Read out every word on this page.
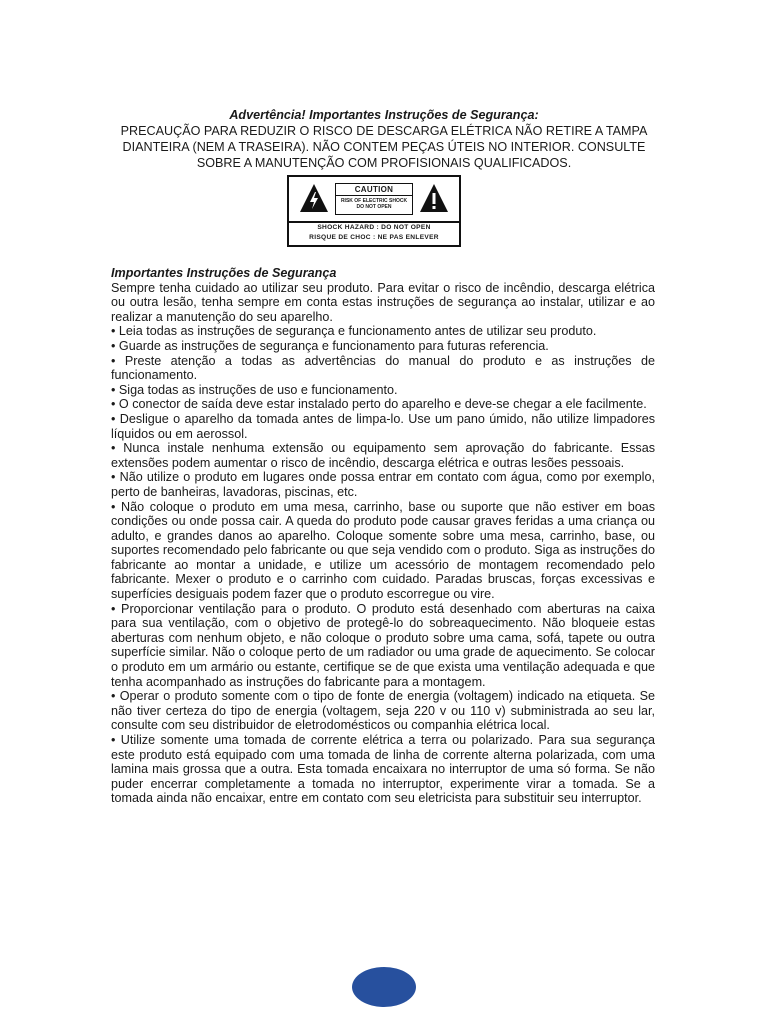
Advertência! Importantes Instruções de Segurança:
PRECAUÇÃO PARA REDUZIR O RISCO DE DESCARGA ELÉTRICA NÃO RETIRE A TAMPA
DIANTEIRA (NEM A TRASEIRA). NÃO CONTEM PEÇAS ÚTEIS NO INTERIOR. CONSULTE
SOBRE A MANUTENÇÃO COM PROFISIONAIS QUALIFICADOS.
CAUTION
RISK OF ELECTRIC SHOCK
DO NOT OPEN
SHOCK HAZARD : DO NOT OPEN
RISQUE DE CHOC : NE PAS ENLEVER
Importantes Instruções de Segurança

Sempre tenha cuidado ao utilizar seu produto. Para evitar o risco de incêndio, descarga elétrica ou outra lesão, tenha sempre em conta estas instruções de segurança ao instalar, utilizar e ao realizar a manutenção do seu aparelho.

• Leia todas as instruções de segurança e funcionamento antes de utilizar seu produto.

• Guarde as instruções de segurança e funcionamento para futuras referencia.

• Preste atenção a todas as advertências do manual do produto e as instruções de funcionamento.

• Siga todas as instruções de uso e funcionamento.

• O conector de saída deve estar instalado perto do aparelho e deve-se chegar a ele facilmente.

• Desligue o aparelho da tomada antes de limpa-lo. Use um pano úmido, não utilize limpadores líquidos ou em aerossol.

• Nunca instale nenhuma extensão ou equipamento sem aprovação do fabricante. Essas extensões podem aumentar o risco de incêndio, descarga elétrica e outras lesões pessoais.

• Não utilize o produto em lugares onde possa entrar em contato com água, como por exemplo, perto de banheiras, lavadoras, piscinas, etc.

• Não coloque o produto em uma mesa, carrinho, base ou suporte que não estiver em boas condições ou onde possa cair. A queda do produto pode causar graves feridas a uma criança ou adulto, e grandes danos ao aparelho. Coloque somente sobre uma mesa, carrinho, base, ou suportes recomendado pelo fabricante ou que seja vendido com o produto. Siga as instruções do fabricante ao montar a unidade, e utilize um acessório de montagem recomendado pelo fabricante. Mexer o produto e o carrinho com cuidado. Paradas bruscas, forças excessivas e superfícies desiguais podem fazer que o produto escorregue ou vire.

• Proporcionar ventilação para o produto. O produto está desenhado com aberturas na caixa para sua ventilação, com o objetivo de protegê-lo do sobreaquecimento. Não bloqueie estas aberturas com nenhum objeto, e não coloque o produto sobre uma cama, sofá, tapete ou outra superfície similar. Não o coloque perto de um radiador ou uma grade de aquecimento. Se colocar o produto em um armário ou estante, certifique se de que exista uma ventilação adequada e que tenha acompanhado as instruções do fabricante para a montagem.

• Operar o produto somente com o tipo de fonte de energia (voltagem) indicado na etiqueta. Se não tiver certeza do tipo de energia (voltagem, seja 220 v ou 110 v) subministrada ao seu lar, consulte com seu distribuidor de eletrodomésticos ou companhia elétrica local.

• Utilize somente uma tomada de corrente elétrica a terra ou polarizado. Para sua segurança este produto está equipado com uma tomada de linha de corrente alterna polarizada, com uma lamina mais grossa que a outra. Esta tomada encaixara no interruptor de uma só forma. Se não puder encerrar completamente a tomada no interruptor, experimente virar a tomada. Se a tomada ainda não encaixar, entre em contato com seu eletricista para substituir seu interruptor.
